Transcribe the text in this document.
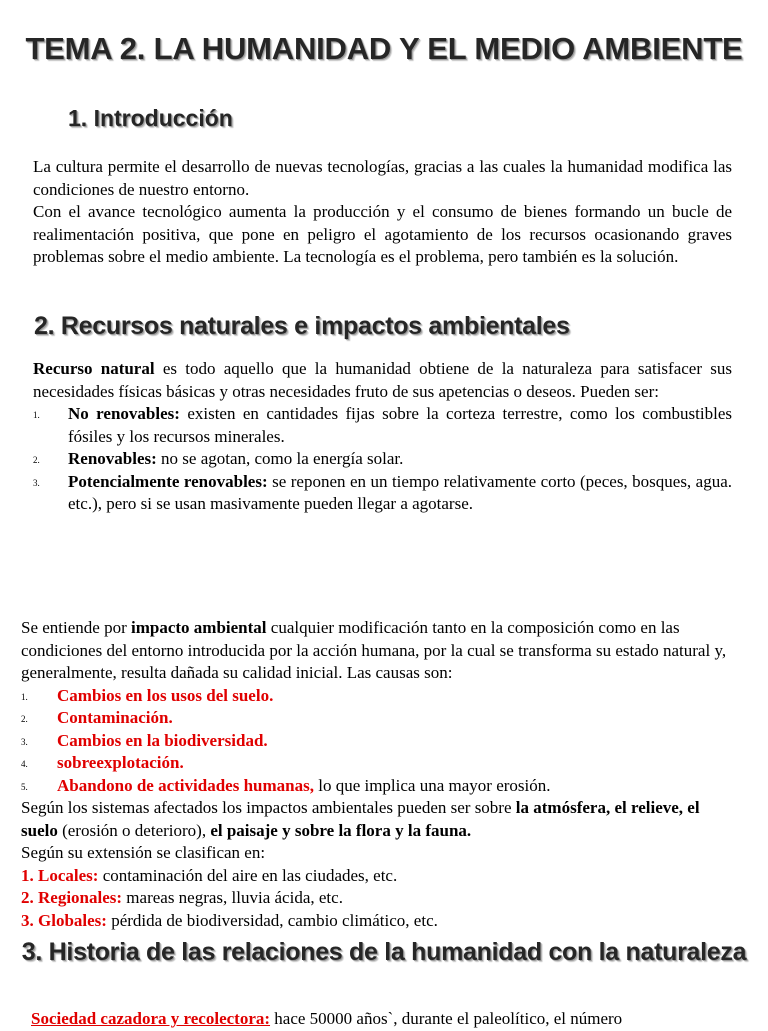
TEMA 2. LA HUMANIDAD Y EL MEDIO AMBIENTE
1. Introducción
La cultura permite el desarrollo de nuevas tecnologías, gracias a las cuales la humanidad modifica las condiciones de nuestro entorno.
Con el avance tecnológico aumenta la producción y el consumo de bienes formando un bucle de realimentación positiva, que pone en peligro el agotamiento de los recursos ocasionando graves problemas sobre el medio ambiente. La tecnología es el problema, pero también es la solución.
2. Recursos naturales e impactos ambientales
Recurso natural es todo aquello que la humanidad obtiene de la naturaleza para satisfacer sus necesidades físicas básicas y otras necesidades fruto de sus apetencias o deseos. Pueden ser:
1. No renovables: existen en cantidades fijas sobre la corteza terrestre, como los combustibles fósiles y los recursos minerales.
2. Renovables: no se agotan, como la energía solar.
3. Potencialmente renovables: se reponen en un tiempo relativamente corto (peces, bosques, agua. etc.), pero si se usan masivamente pueden llegar a agotarse.
Se entiende por impacto ambiental cualquier modificación tanto en la composición como en las condiciones del entorno introducida por la acción humana, por la cual se transforma su estado natural y, generalmente, resulta dañada su calidad inicial. Las causas son:
1. Cambios en los usos del suelo.
2. Contaminación.
3. Cambios en la biodiversidad.
4. sobreexplotación.
5. Abandono de actividades humanas, lo que implica una mayor erosión.
Según los sistemas afectados los impactos ambientales pueden ser sobre la atmósfera, el relieve, el suelo (erosión o deterioro), el paisaje y sobre la flora y la fauna.
Según su extensión se clasifican en:
1. Locales: contaminación del aire en las ciudades, etc.
2. Regionales: mareas negras, lluvia ácida, etc.
3. Globales: pérdida de biodiversidad, cambio climático, etc.
3. Historia de las relaciones de la humanidad con la naturaleza
Sociedad cazadora y recolectora: hace 50000 años`, durante el paleolítico, el número
